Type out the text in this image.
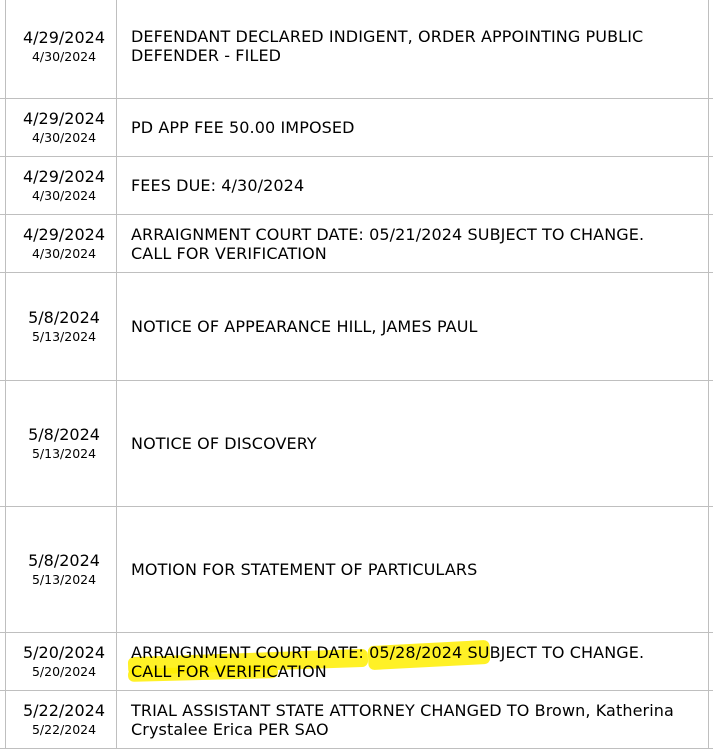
4/29/2024
4/30/2024
DEFENDANT DECLARED INDIGENT, ORDER APPOINTING PUBLIC DEFENDER - FILED
4/29/2024
4/30/2024
PD APP FEE 50.00 IMPOSED
4/29/2024
4/30/2024
FEES DUE: 4/30/2024
4/29/2024
4/30/2024
ARRAIGNMENT COURT DATE: 05/21/2024 SUBJECT TO CHANGE. CALL FOR VERIFICATION
5/8/2024
5/13/2024
NOTICE OF APPEARANCE HILL, JAMES PAUL
5/8/2024
5/13/2024
NOTICE OF DISCOVERY
5/8/2024
5/13/2024
MOTION FOR STATEMENT OF PARTICULARS
5/20/2024
5/20/2024
ARRAIGNMENT COURT DATE: 05/28/2024 SUBJECT TO CHANGE. CALL FOR VERIFICATION
5/22/2024
5/22/2024
TRIAL ASSISTANT STATE ATTORNEY CHANGED TO Brown, Katherina Crystalee Erica PER SAO
